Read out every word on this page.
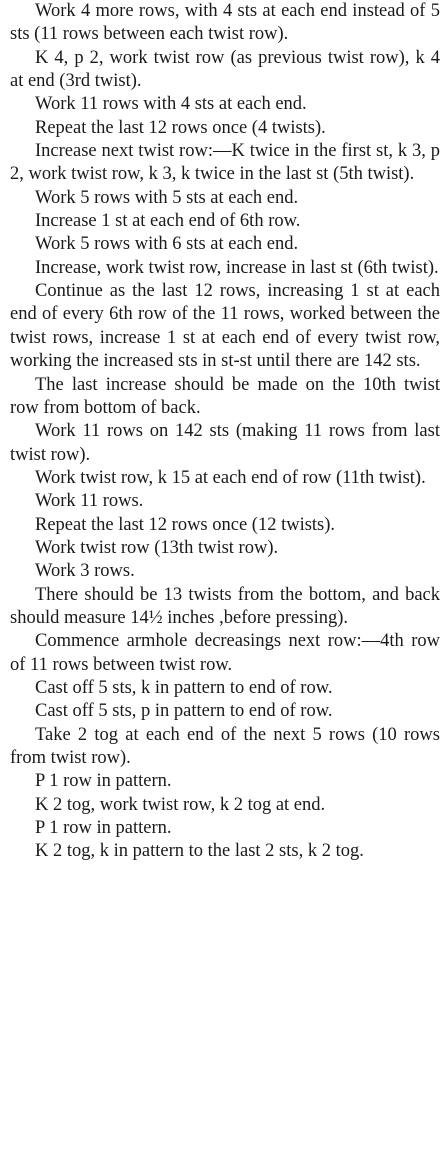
Work 4 more rows, with 4 sts at each end instead of 5 sts (11 rows between each twist row).

K 4, p 2, work twist row (as previous twist row), k 4 at end (3rd twist).

Work 11 rows with 4 sts at each end.

Repeat the last 12 rows once (4 twists).

Increase next twist row:—K twice in the first st, k 3, p 2, work twist row, k 3, k twice in the last st (5th twist).

Work 5 rows with 5 sts at each end.

Increase 1 st at each end of 6th row.

Work 5 rows with 6 sts at each end.

Increase, work twist row, increase in last st (6th twist).

Continue as the last 12 rows, increasing 1 st at each end of every 6th row of the 11 rows, worked between the twist rows, increase 1 st at each end of every twist row, working the increased sts in st-st until there are 142 sts.

The last increase should be made on the 10th twist row from bottom of back.

Work 11 rows on 142 sts (making 11 rows from last twist row).

Work twist row, k 15 at each end of row (11th twist).

Work 11 rows.

Repeat the last 12 rows once (12 twists).

Work twist row (13th twist row).

Work 3 rows.

There should be 13 twists from the bottom, and back should measure 14½ inches ,before pressing).

Commence armhole decreasings next row:—4th row of 11 rows between twist row.

Cast off 5 sts, k in pattern to end of row.

Cast off 5 sts, p in pattern to end of row.

Take 2 tog at each end of the next 5 rows (10 rows from twist row).

P 1 row in pattern.

K 2 tog, work twist row, k 2 tog at end.

P 1 row in pattern.

K 2 tog, k in pattern to the last 2 sts, k 2 tog.
